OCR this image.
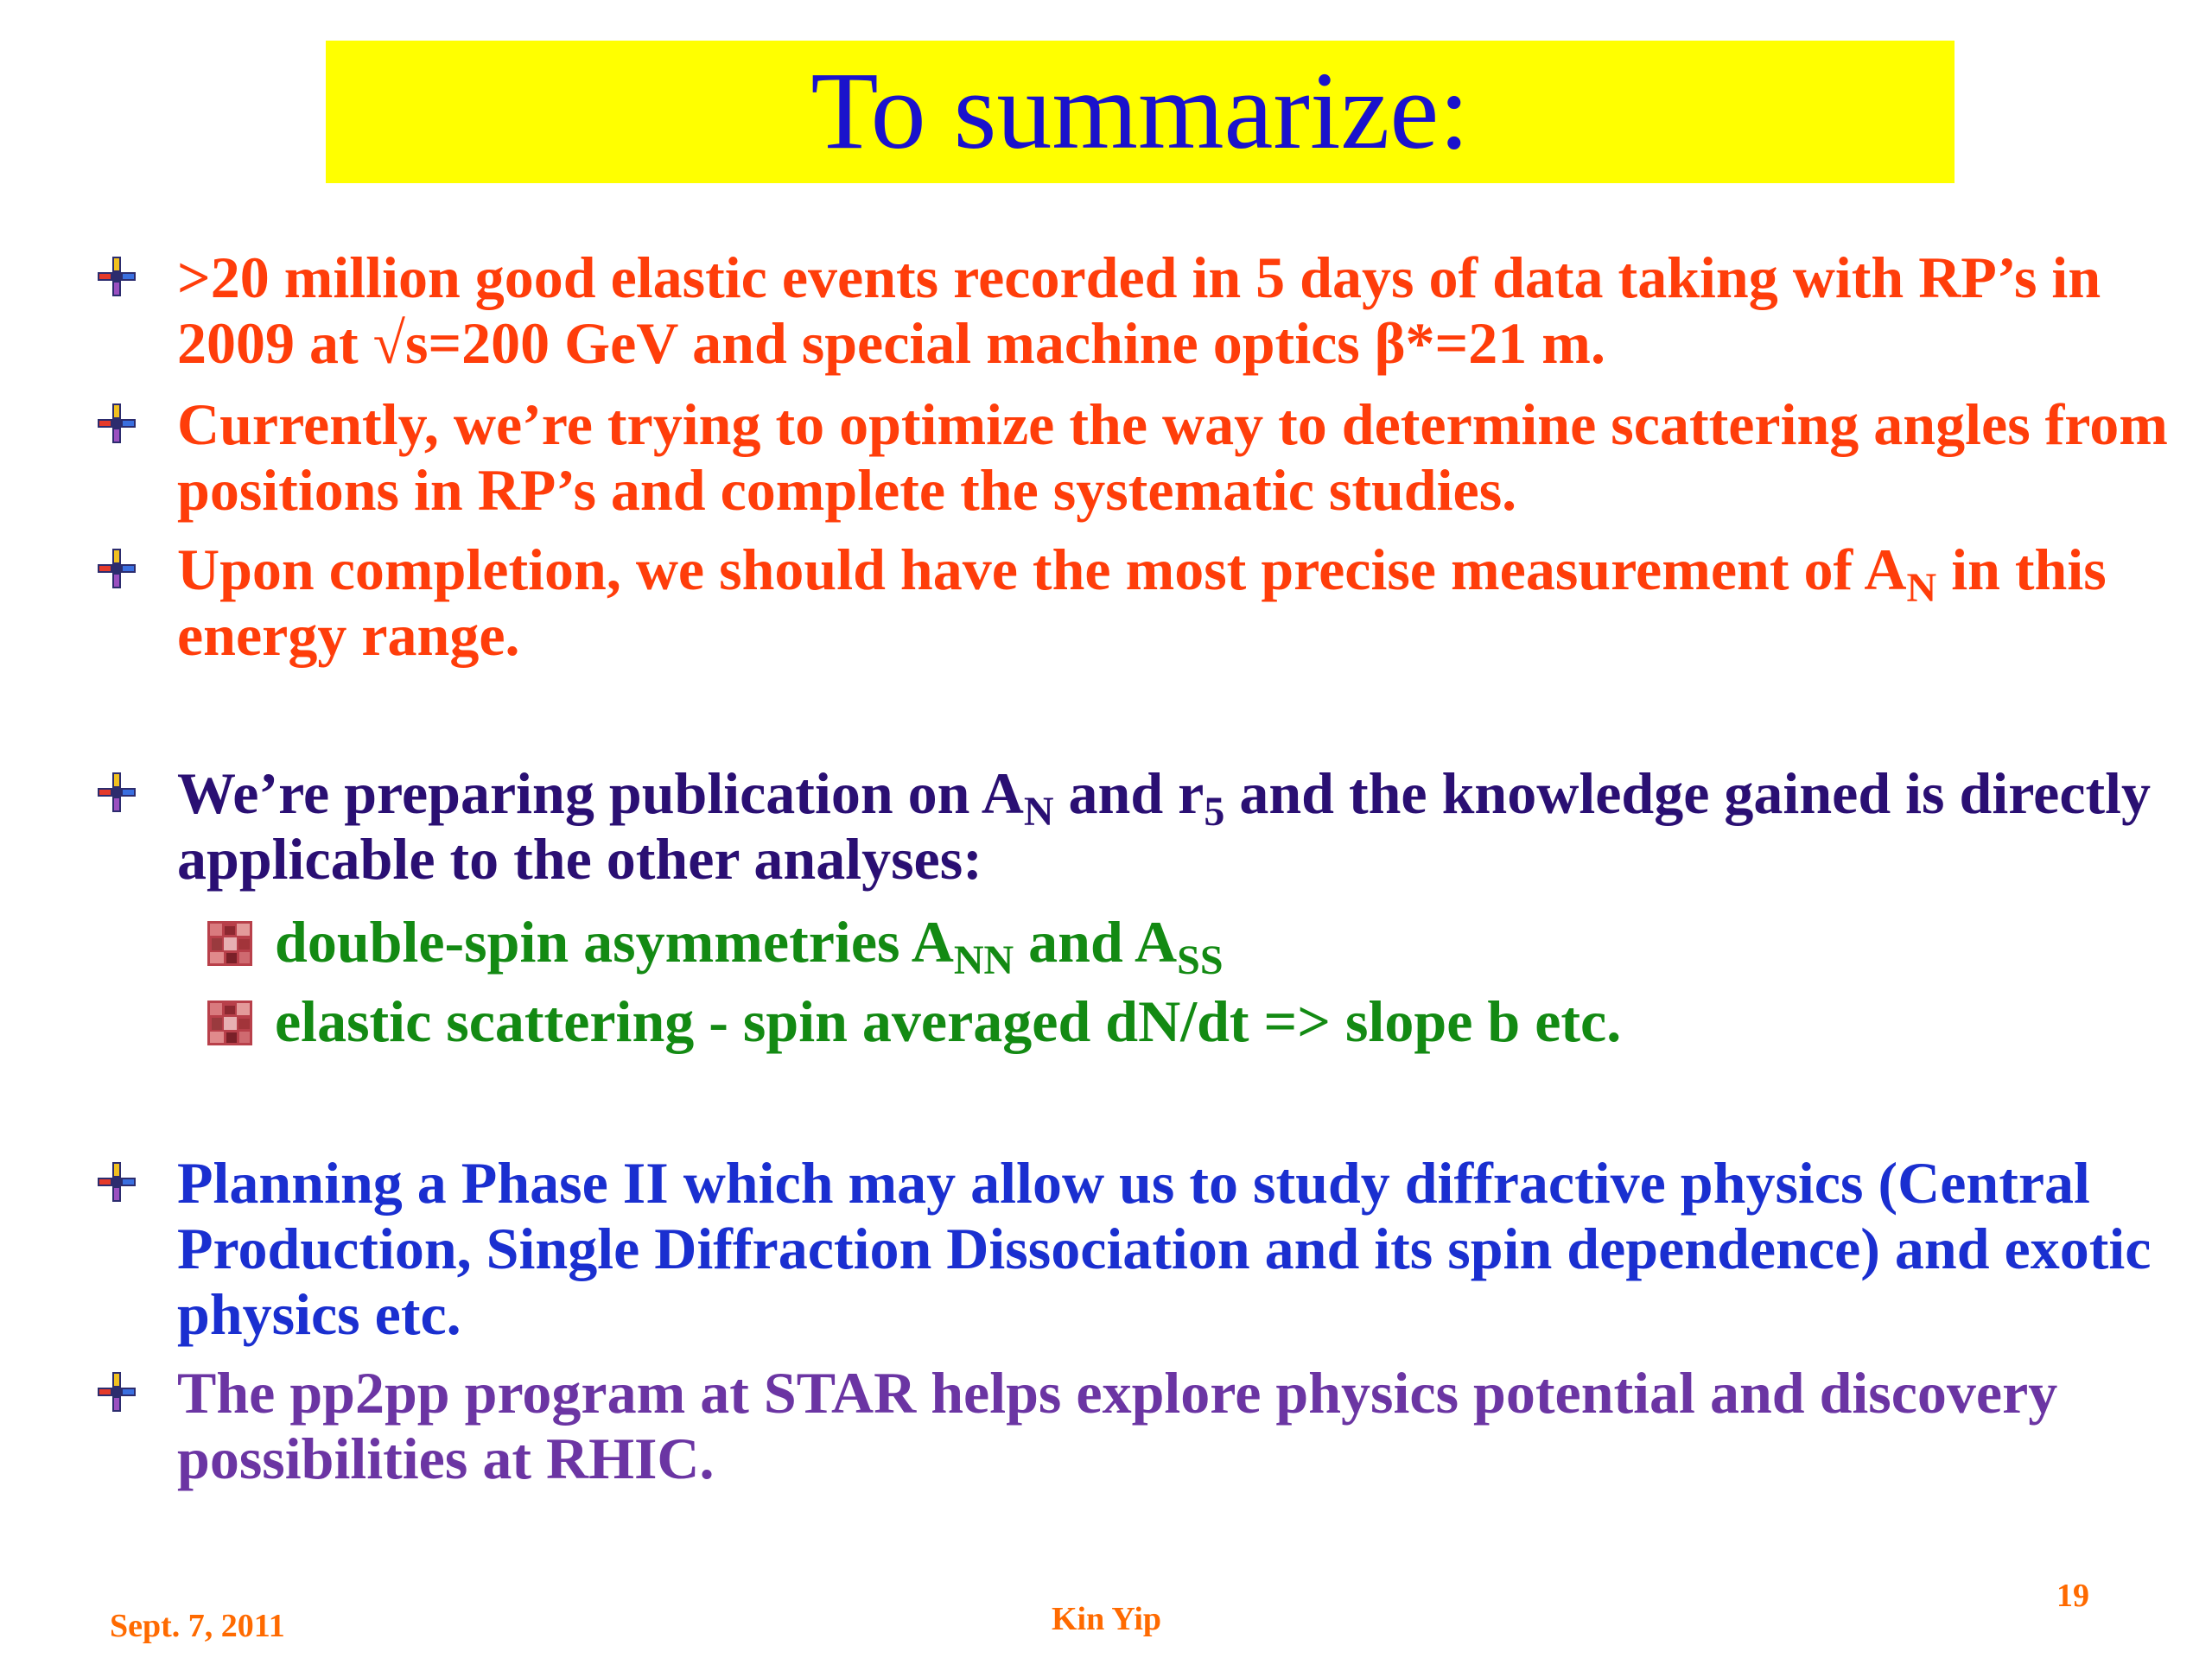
To summarize:
>20 million good elastic events recorded in 5 days of data taking with RP’s in 2009 at √s=200 GeV and special machine optics β*=21 m.
Currently, we’re trying to optimize the way to determine scattering angles from positions in RP’s and complete the systematic studies.
Upon completion, we should have the most precise measurement of $A_N$ in this energy range.
We’re preparing publication on $A_N$ and $r_5$ and the knowledge gained is directly applicable to the other analyses:
double-spin asymmetries $A_{NN}$ and $A_{SS}$
elastic scattering - spin averaged dN/dt => slope b etc.
Planning a Phase II which may allow us to study diffractive physics (Central Production, Single Diffraction Dissociation and its spin dependence) and exotic physics etc.
The pp2pp program at STAR helps explore physics potential and discovery possibilities at RHIC.
Sept. 7, 2011	Kin Yip
19
